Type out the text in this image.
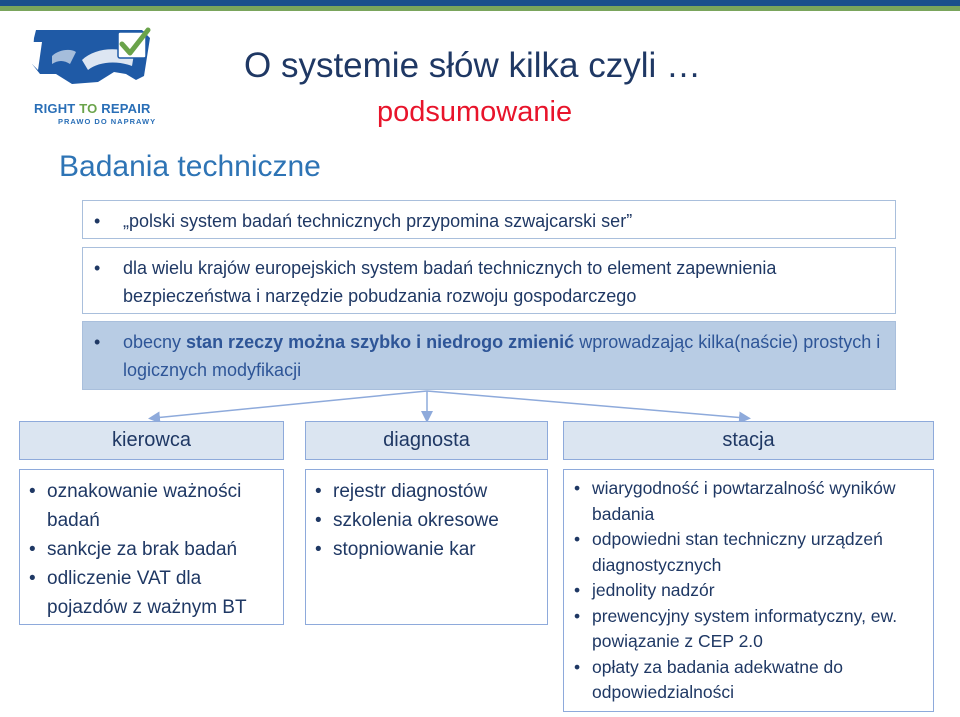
RIGHT TO REPAIR
PRAWO DO NAPRAWY
O systemie słów kilka czyli …
podsumowanie
Badania techniczne
• „polski system badań technicznych przypomina szwajcarski ser”
• dla wielu krajów europejskich system badań technicznych to element zapewnienia bezpieczeństwa i narzędzie pobudzania rozwoju gospodarczego
• obecny stan rzeczy można szybko i niedrogo zmienić wprowadzając kilka(naście) prostych i logicznych modyfikacji
kierowca	diagnosta	stacja
• oznakowanie ważności badań
• sankcje za brak badań
• odliczenie VAT dla pojazdów z ważnym BT
• rejestr diagnostów
• szkolenia okresowe
• stopniowanie kar
• wiarygodność i powtarzalność wyników badania
• odpowiedni stan techniczny urządzeń diagnostycznych
• jednolity nadzór
• prewencyjny system informatyczny, ew. powiązanie z CEP 2.0
• opłaty za badania adekwatne do odpowiedzialności
